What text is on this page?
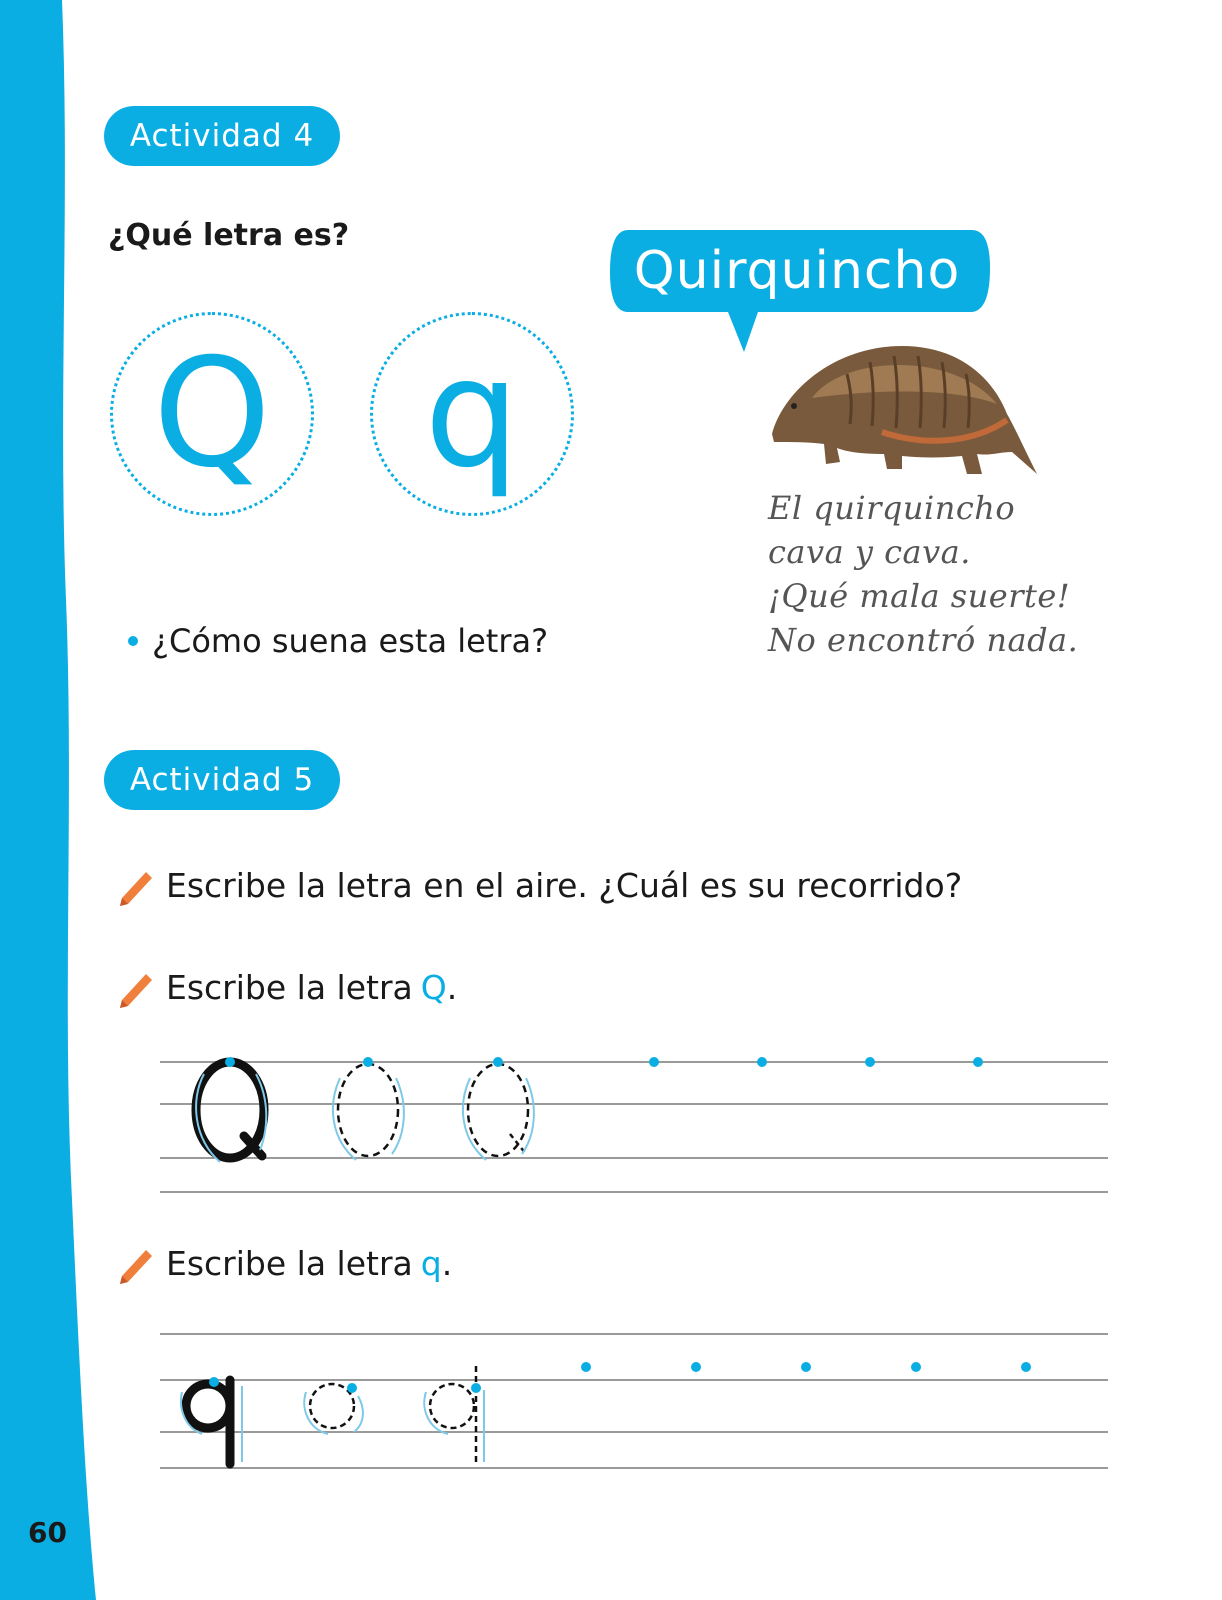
60
Actividad 4
¿Qué letra es?
Q q
Quirquincho
El quirquincho
cava y cava.
¡Qué mala suerte!
No encontró nada.
¿Cómo suena esta letra?
Actividad 5
Escribe la letra en el aire. ¿Cuál es su recorrido?
Escribe la letra Q .
Escribe la letra q .
